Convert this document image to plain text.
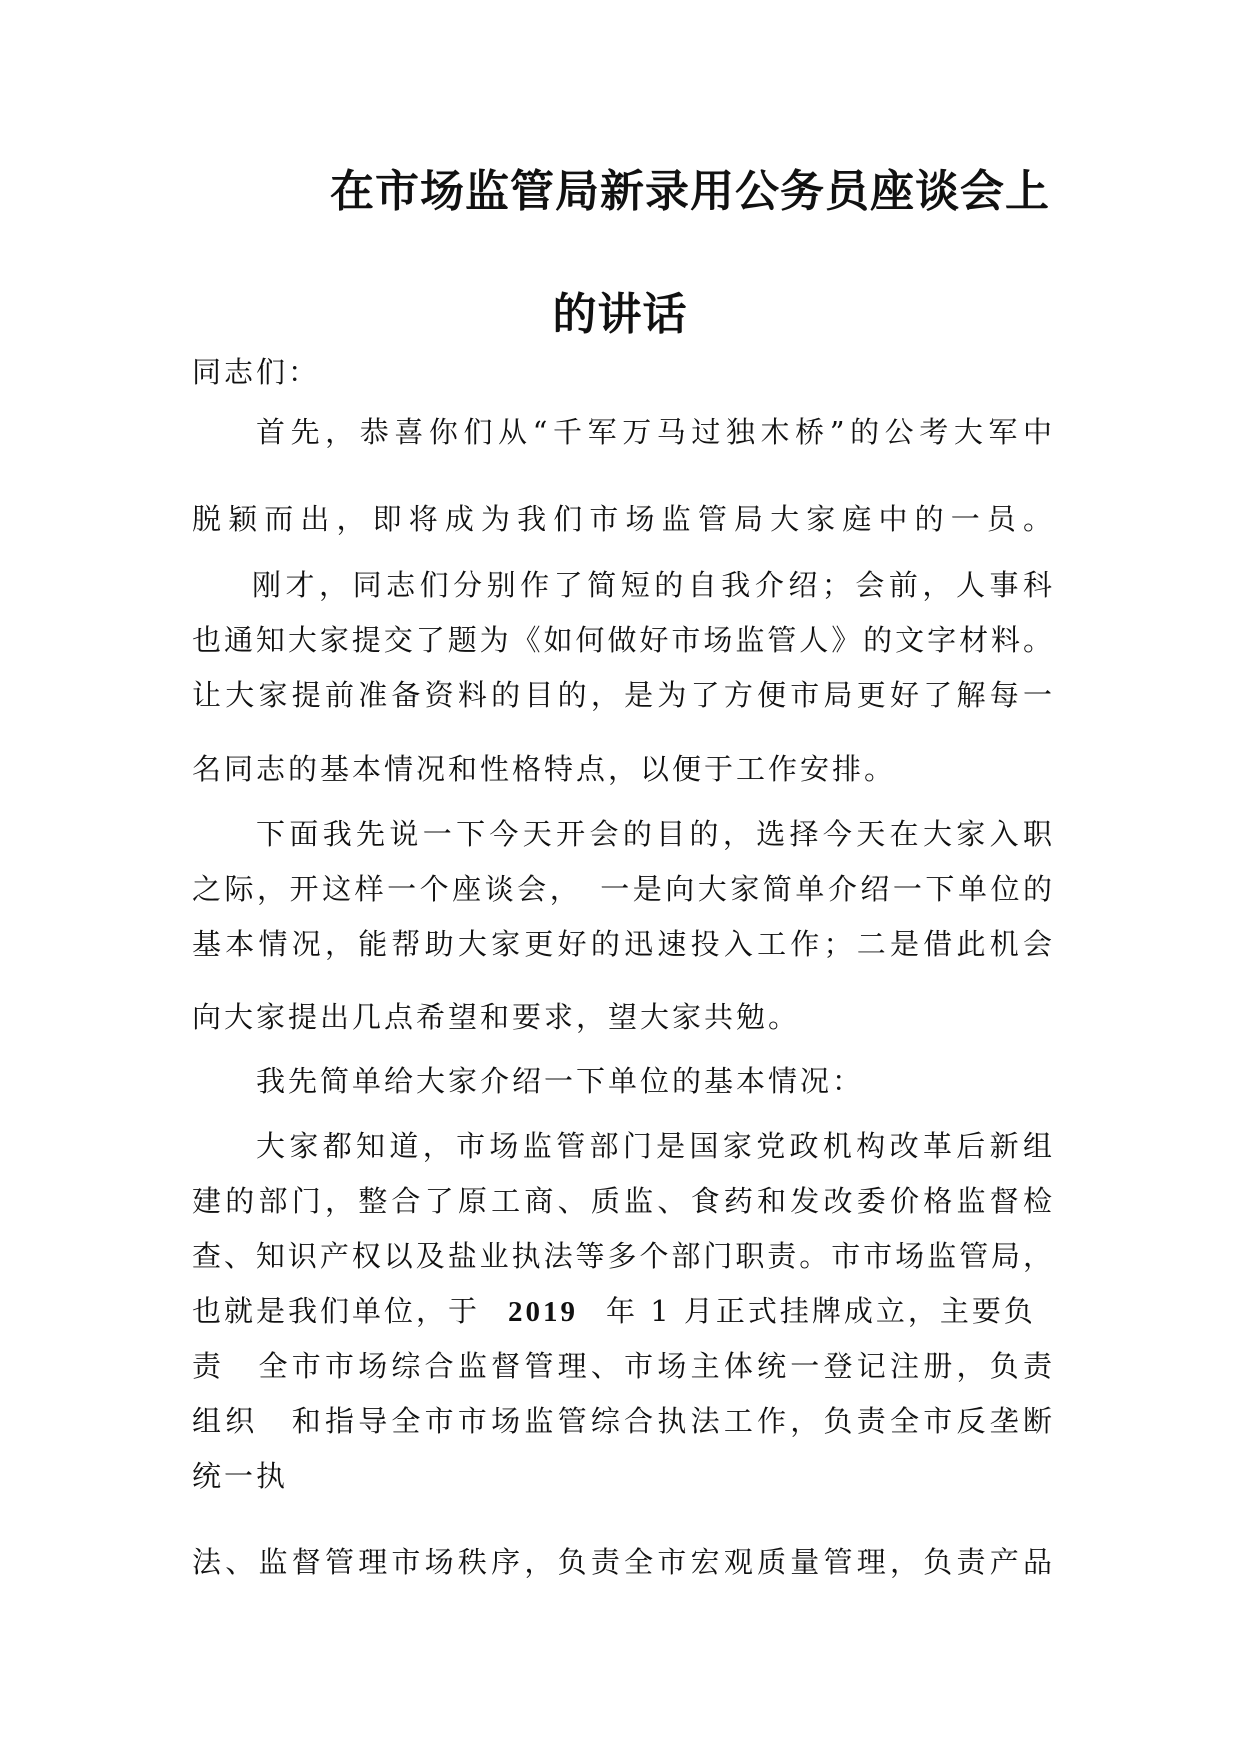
在市场监管局新录用公务员座谈会上
的讲话
同志们：
首先，恭喜你们从“千军万马过独木桥”的公考大军中
脱颖而出，即将成为我们市场监管局大家庭中的一员。
刚才，同志们分别作了简短的自我介绍；会前，人事科
也通知大家提交了题为《如何做好市场监管人》的文字材料。
让大家提前准备资料的目的，是为了方便市局更好了解每一
名同志的基本情况和性格特点，以便于工作安排。
下面我先说一下今天开会的目的，选择今天在大家入职
之际，开这样一个座谈会，　一是向大家简单介绍一下单位的
基本情况，能帮助大家更好的迅速投入工作；二是借此机会
向大家提出几点希望和要求，望大家共勉。
我先简单给大家介绍一下单位的基本情况：
大家都知道，市场监管部门是国家党政机构改革后新组
建的部门，整合了原工商、质监、食药和发改委价格监督检
查、知识产权以及盐业执法等多个部门职责。市市场监管局，
也就是我们单位，于 2019 年 1 月正式挂牌成立，主要负
责　全市市场综合监督管理、市场主体统一登记注册，负责
组织　和指导全市市场监管综合执法工作，负责全市反垄断
统一执
法、监督管理市场秩序，负责全市宏观质量管理，负责产品
